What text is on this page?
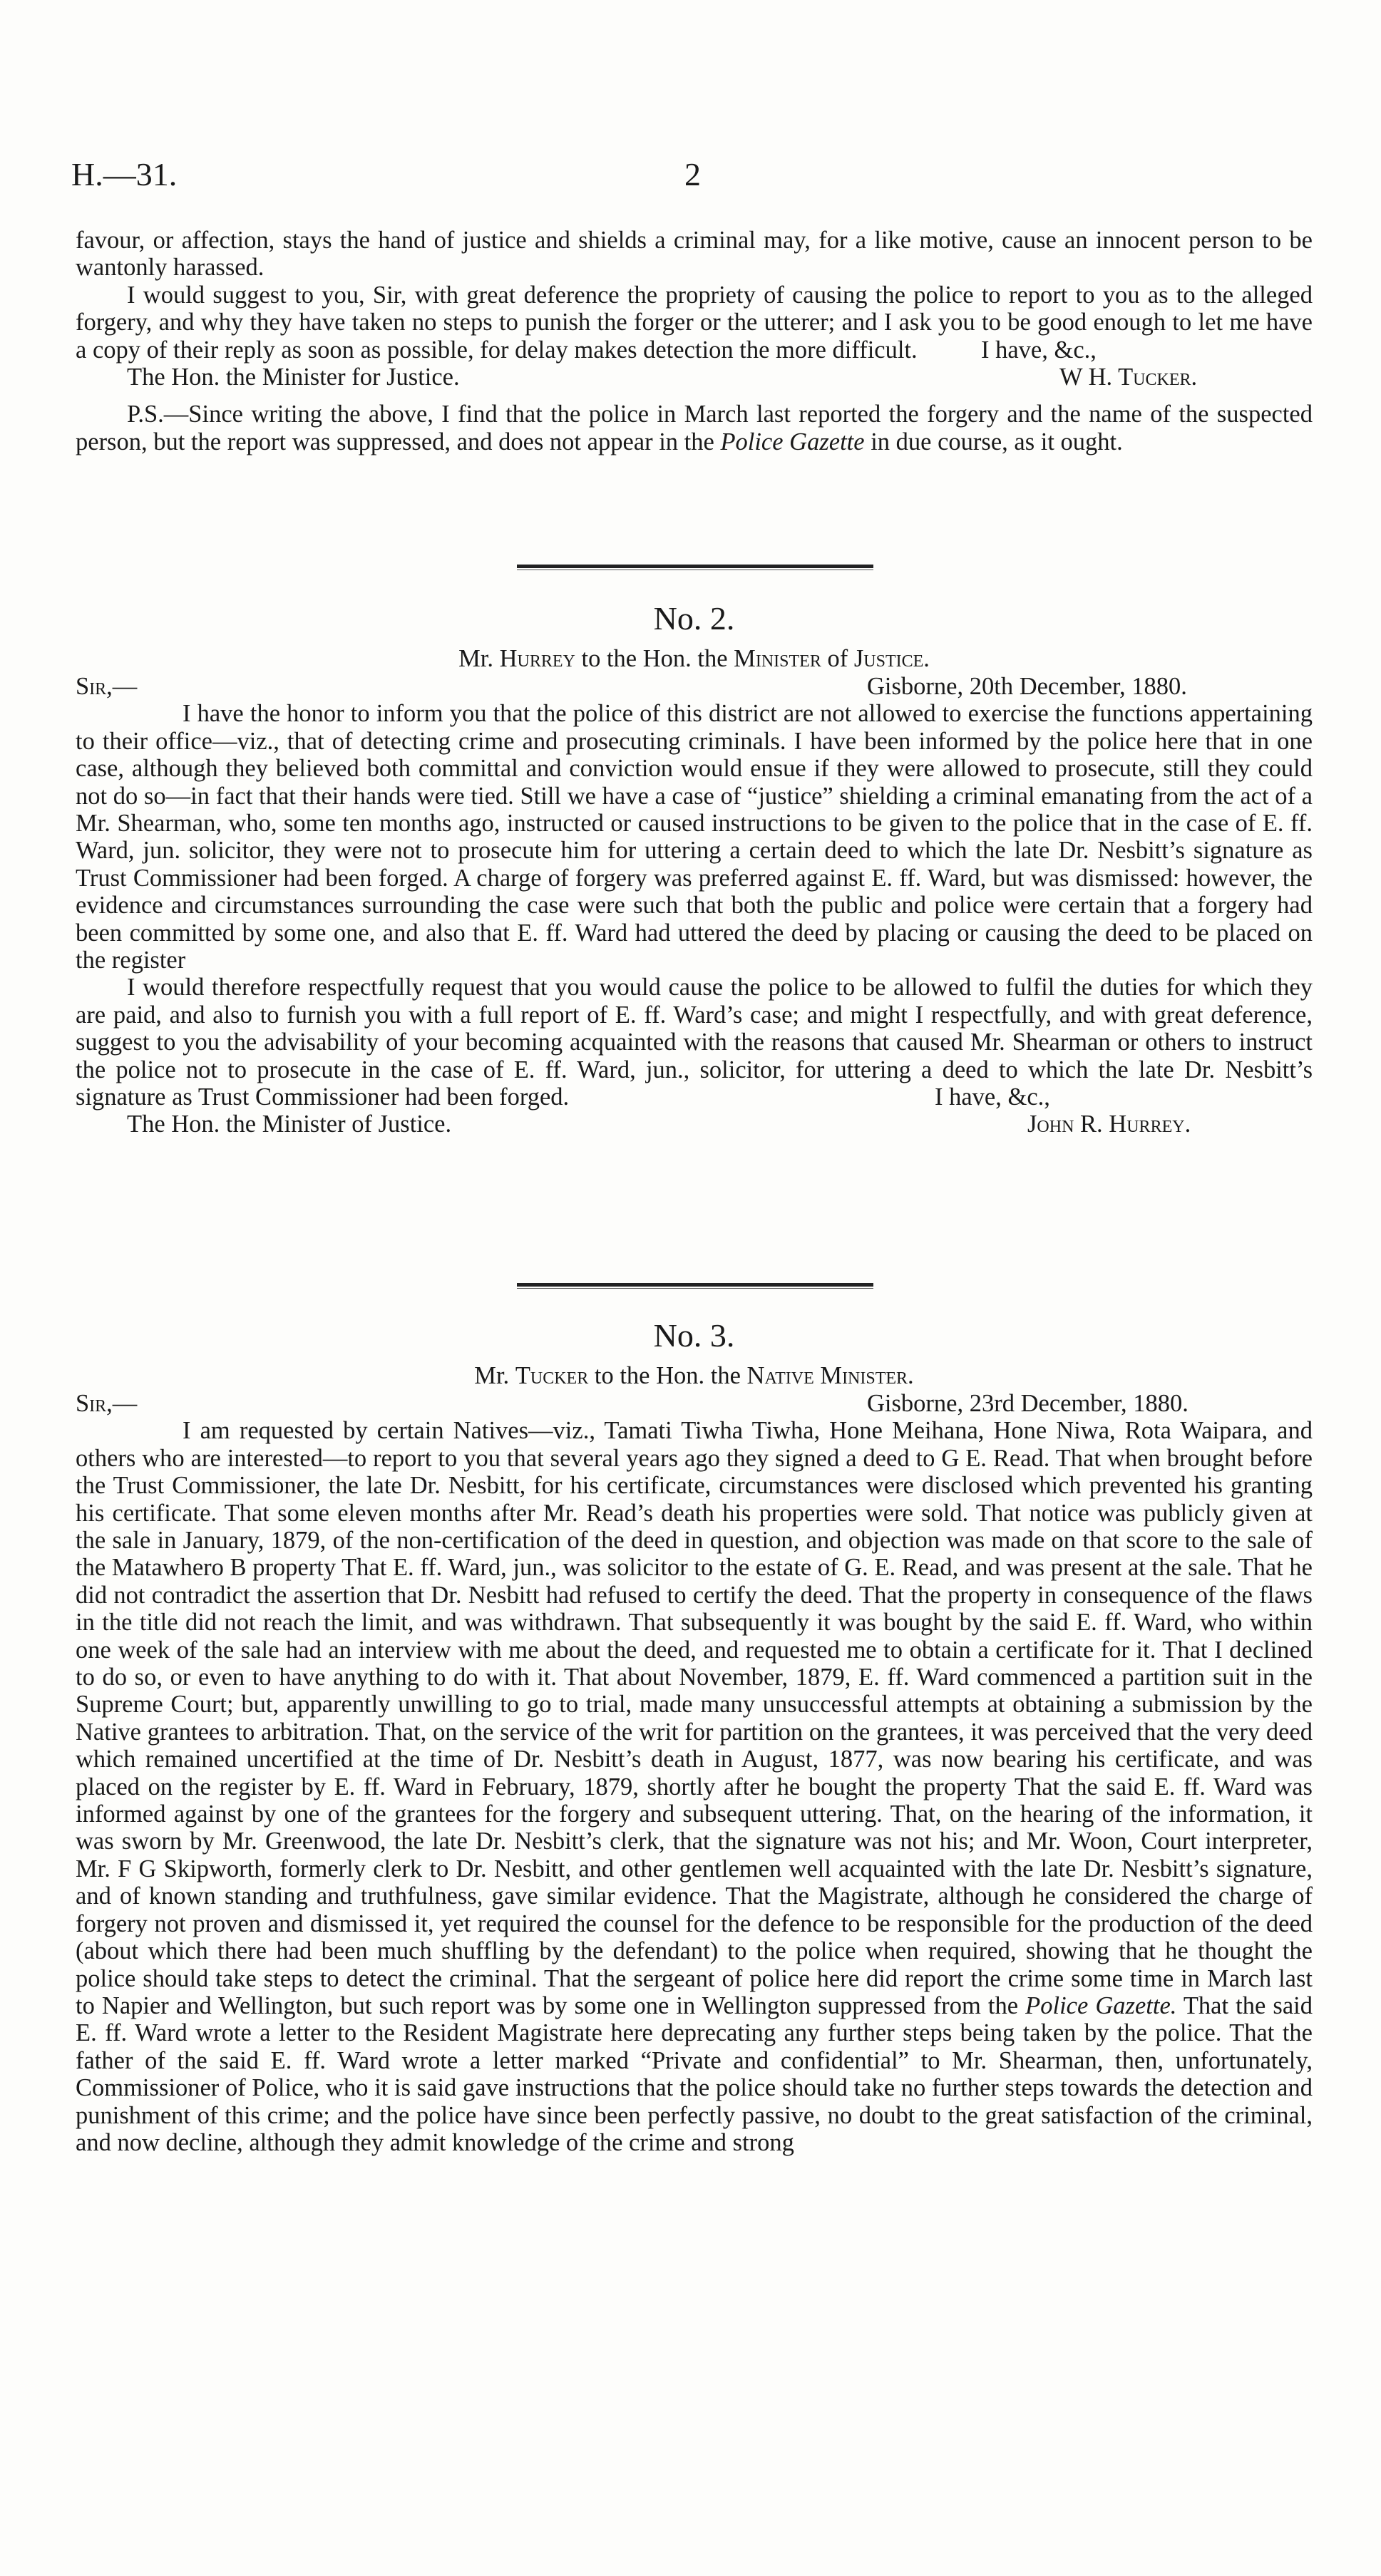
H.—31.	2

favour, or affection, stays the hand of justice and shields a criminal may, for a like motive, cause an innocent person to be wantonly harassed.

I would suggest to you, Sir, with great deference the propriety of causing the police to report to you as to the alleged forgery, and why they have taken no steps to punish the forger or the utterer; and I ask you to be good enough to let me have a copy of their reply as soon as possible, for delay makes detection the more difficult.	I have, &c.,
The Hon. the Minister for Justice.	W H. Tucker.

P.S.—Since writing the above, I find that the police in March last reported the forgery and the name of the suspected person, but the report was suppressed, and does not appear in the Police Gazette in due course, as it ought.

No. 2.
Mr. Hurrey to the Hon. the Minister of Justice.
Sir,—	Gisborne, 20th December, 1880.

I have the honor to inform you that the police of this district are not allowed to exercise the functions appertaining to their office—viz., that of detecting crime and prosecuting criminals. I have been informed by the police here that in one case, although they believed both committal and conviction would ensue if they were allowed to prosecute, still they could not do so—in fact that their hands were tied. Still we have a case of “justice” shielding a criminal emanating from the act of a Mr. Shearman, who, some ten months ago, instructed or caused instructions to be given to the police that in the case of E. ff. Ward, jun. solicitor, they were not to prosecute him for uttering a certain deed to which the late Dr. Nesbitt’s signature as Trust Commissioner had been forged. A charge of forgery was preferred against E. ff. Ward, but was dismissed: however, the evidence and circumstances surrounding the case were such that both the public and police were certain that a forgery had been committed by some one, and also that E. ff. Ward had uttered the deed by placing or causing the deed to be placed on the register

I would therefore respectfully request that you would cause the police to be allowed to fulfil the duties for which they are paid, and also to furnish you with a full report of E. ff. Ward’s case; and might I respectfully, and with great deference, suggest to you the advisability of your becoming acquainted with the reasons that caused Mr. Shearman or others to instruct the police not to prosecute in the case of E. ff. Ward, jun., solicitor, for uttering a deed to which the late Dr. Nesbitt’s signature as Trust Commissioner had been forged.	I have, &c.,
The Hon. the Minister of Justice.	John R. Hurrey.
No. 3.
Mr. Tucker to the Hon. the Native Minister.
Sir,—	Gisborne, 23rd December, 1880.

I am requested by certain Natives—viz., Tamati Tiwha Tiwha, Hone Meihana, Hone Niwa, Rota Waipara, and others who are interested—to report to you that several years ago they signed a deed to G E. Read. That when brought before the Trust Commissioner, the late Dr. Nesbitt, for his certificate, circumstances were disclosed which prevented his granting his certificate. That some eleven months after Mr. Read’s death his properties were sold. That notice was publicly given at the sale in January, 1879, of the non-certification of the deed in question, and objection was made on that score to the sale of the Matawhero B property That E. ff. Ward, jun., was solicitor to the estate of G. E. Read, and was present at the sale. That he did not contradict the assertion that Dr. Nesbitt had refused to certify the deed. That the property in consequence of the flaws in the title did not reach the limit, and was withdrawn. That subsequently it was bought by the said E. ff. Ward, who within one week of the sale had an interview with me about the deed, and requested me to obtain a certificate for it. That I declined to do so, or even to have anything to do with it. That about November, 1879, E. ff. Ward commenced a partition suit in the Supreme Court; but, apparently unwilling to go to trial, made many unsuccessful attempts at obtaining a submission by the Native grantees to arbitration. That, on the service of the writ for partition on the grantees, it was perceived that the very deed which remained uncertified at the time of Dr. Nesbitt’s death in August, 1877, was now bearing his certificate, and was placed on the register by E. ff. Ward in February, 1879, shortly after he bought the property That the said E. ff. Ward was informed against by one of the grantees for the forgery and subsequent uttering. That, on the hearing of the information, it was sworn by Mr. Greenwood, the late Dr. Nesbitt’s clerk, that the signature was not his; and Mr. Woon, Court interpreter, Mr. F G Skipworth, formerly clerk to Dr. Nesbitt, and other gentlemen well acquainted with the late Dr. Nesbitt’s signature, and of known standing and truthfulness, gave similar evidence. That the Magistrate, although he considered the charge of forgery not proven and dismissed it, yet required the counsel for the defence to be responsible for the production of the deed (about which there had been much shuffling by the defendant) to the police when required, showing that he thought the police should take steps to detect the criminal. That the sergeant of police here did report the crime some time in March last to Napier and Wellington, but such report was by some one in Wellington suppressed from the Police Gazette. That the said E. ff. Ward wrote a letter to the Resident Magistrate here deprecating any further steps being taken by the police. That the father of the said E. ff. Ward wrote a letter marked “Private and confidential” to Mr. Shearman, then, unfortunately, Commissioner of Police, who it is said gave instructions that the police should take no further steps towards the detection and punishment of this crime; and the police have since been perfectly passive, no doubt to the great satisfaction of the criminal, and now decline, although they admit knowledge of the crime and strong
